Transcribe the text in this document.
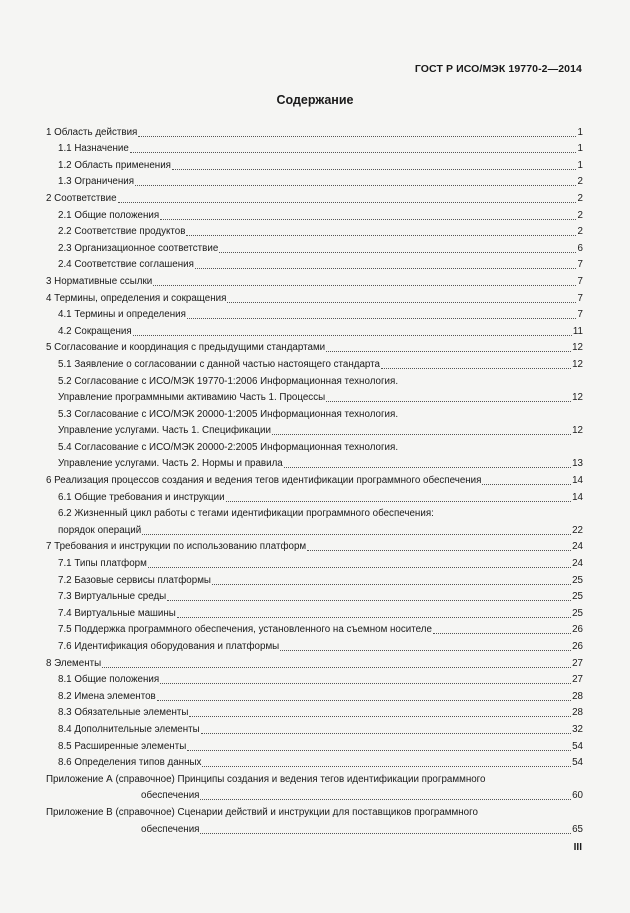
ГОСТ Р ИСО/МЭК 19770-2—2014
Содержание
1 Область действия	1
1.1 Назначение	1
1.2 Область применения	1
1.3 Ограничения	2
2 Соответствие	2
2.1 Общие положения	2
2.2 Соответствие продуктов	2
2.3 Организационное соответствие	6
2.4 Соответствие соглашения	7
3 Нормативные ссылки	7
4 Термины, определения и сокращения	7
4.1 Термины и определения	7
4.2 Сокращения	11
5 Согласование и координация с предыдущими стандартами	12
5.1 Заявление о согласовании с данной частью настоящего стандарта	12
5.2 Согласование с ИСО/МЭК 19770-1:2006 Информационная технология.
Управление программными активамию Часть 1. Процессы	12
5.3 Согласование с ИСО/МЭК 20000-1:2005 Информационная технология.
Управление услугами. Часть 1. Спецификации	12
5.4 Согласование с ИСО/МЭК 20000-2:2005 Информационная технология.
Управление услугами. Часть 2. Нормы и правила	13
6 Реализация процессов создания и ведения тегов идентификации программного обеспечения	14
6.1 Общие требования и инструкции	14
6.2 Жизненный цикл работы с тегами идентификации программного обеспечения:
порядок операций	22
7 Требования и инструкции по использованию платформ	24
7.1 Типы платформ	24
7.2 Базовые сервисы платформы	25
7.3 Виртуальные среды	25
7.4 Виртуальные машины	25
7.5 Поддержка программного обеспечения, установленного на съемном носителе	26
7.6 Идентификация оборудования и платформы	26
8 Элементы	27
8.1 Общие положения	27
8.2 Имена элементов	28
8.3 Обязательные элементы	28
8.4 Дополнительные элементы	32
8.5 Расширенные элементы	54
8.6 Определения типов данных	54
Приложение А (справочное) Принципы создания и ведения тегов идентификации программного
обеспечения	60
Приложение В (справочное) Сценарии действий и инструкции для поставщиков программного
обеспечения	65
III
